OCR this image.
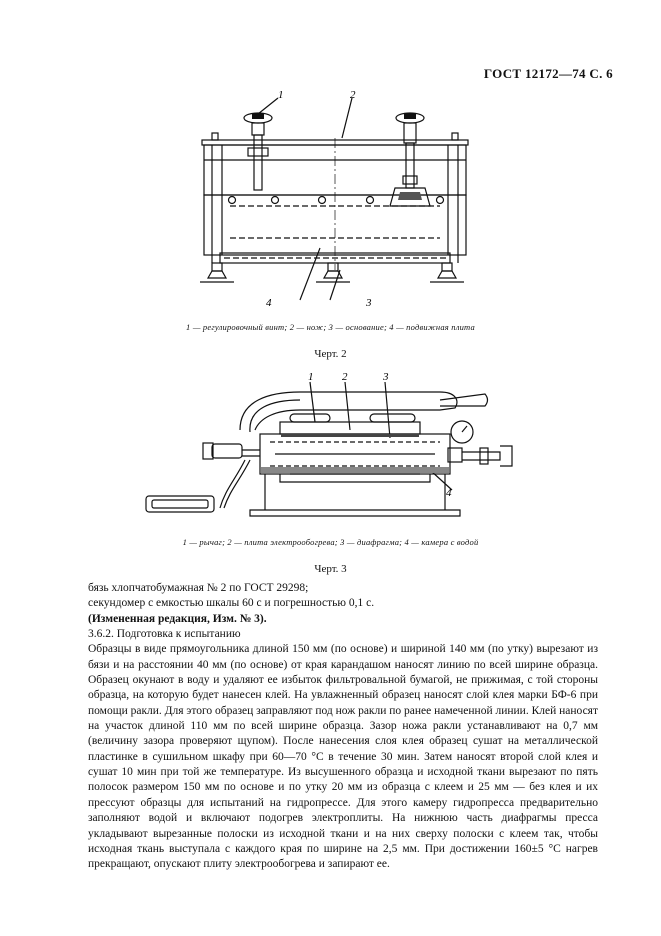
ГОСТ 12172—74 С. 6
1	2
3
4
1 — регулировочный винт; 2 — нож; 3 — основание; 4 — подвижная плита
Черт. 2
1	2	3
4
1 — рычаг; 2 — плита электрообогрева; 3 — диафрагма; 4 — камера с водой
Черт. 3

бязь хлопчатобумажная № 2 по ГОСТ 29298;

секундомер с емкостью шкалы 60 с и погрешностью 0,1 с.

(Измененная редакция, Изм. № 3).

3.6.2. Подготовка к испытанию

Образцы в виде прямоугольника длиной 150 мм (по основе) и шириной 140 мм (по утку) вырезают из бязи и на расстоянии 40 мм (по основе) от края карандашом наносят линию по всей ширине образца. Образец окунают в воду и удаляют ее избыток фильтровальной бумагой, не прижимая, с той стороны образца, на которую будет нанесен клей. На увлажненный образец наносят слой клея марки БФ-6 при помощи ракли. Для этого образец заправляют под нож ракли по ранее намеченной линии. Клей наносят на участок длиной 110 мм по всей ширине образца. Зазор ножа ракли устанавливают на 0,7 мм (величину зазора проверяют щупом). После нанесения слоя клея образец сушат на металлической пластинке в сушильном шкафу при 60—70 °С в течение 30 мин. Затем наносят второй слой клея и сушат 10 мин при той же температуре. Из высушенного образца и исходной ткани вырезают по пять полосок размером 150 мм по основе и по утку 20 мм из образца с клеем и 25 мм — без клея и их прессуют образцы для испытаний на гидропрессе. Для этого камеру гидропресса предварительно заполняют водой и включают подогрев электроплиты. На нижнюю часть диафрагмы пресса укладывают вырезанные полоски из исходной ткани и на них сверху полоски с клеем так, чтобы исходная ткань выступала с каждого края по ширине на 2,5 мм. При достижении 160±5 °С нагрев прекращают, опускают плиту электрообогрева и запирают ее.
